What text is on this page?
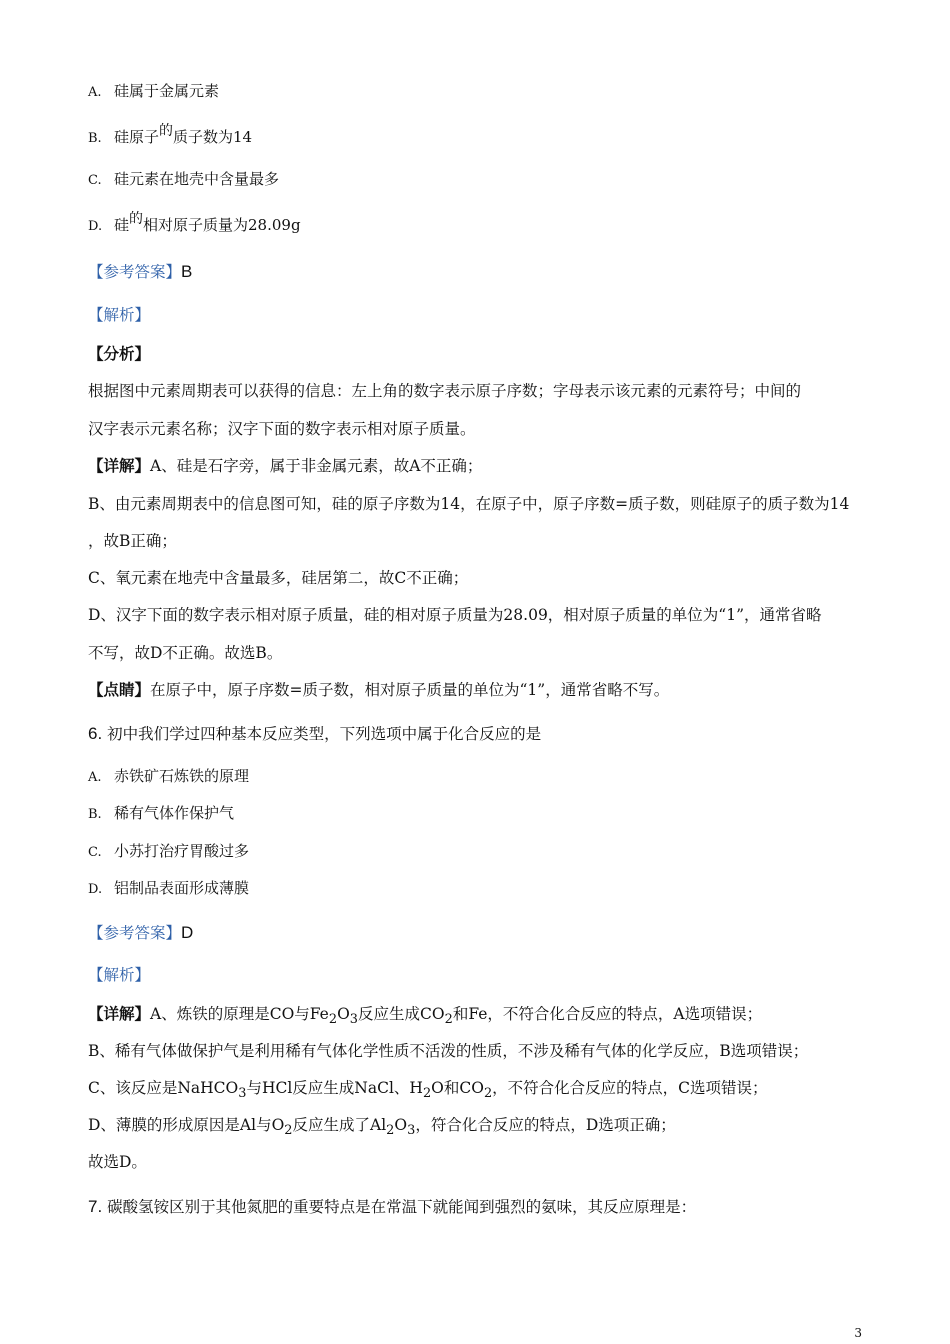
A. 硅属于金属元素
B. 硅原子的质子数为14
C. 硅元素在地壳中含量最多
D. 硅的相对原子质量为28.09g
【参考答案】B
【解析】
【分析】
根据图中元素周期表可以获得的信息：左上角的数字表示原子序数；字母表示该元素的元素符号；中间的
汉字表示元素名称；汉字下面的数字表示相对原子质量。
【详解】A、硅是石字旁，属于非金属元素，故A不正确；
B、由元素周期表中的信息图可知，硅的原子序数为14，在原子中，原子序数=质子数，则硅原子的质子数为14
，故B正确；
C、氧元素在地壳中含量最多，硅居第二，故C不正确；
D、汉字下面的数字表示相对原子质量，硅的相对原子质量为28.09，相对原子质量的单位为“1”，通常省略
不写，故D不正确。故选B。
【点睛】在原子中，原子序数=质子数，相对原子质量的单位为“1”，通常省略不写。
6. 初中我们学过四种基本反应类型，下列选项中属于化合反应的是
A. 赤铁矿石炼铁的原理
B. 稀有气体作保护气
C. 小苏打治疗胃酸过多
D. 铝制品表面形成薄膜
【参考答案】D
【解析】
【详解】A、炼铁的原理是CO与$Fe_2O_3$反应生成$CO_2$和Fe，不符合化合反应的特点，A选项错误；
B、稀有气体做保护气是利用稀有气体化学性质不活泼的性质，不涉及稀有气体的化学反应，B选项错误；
C、该反应是NaHCO$_3$与HCl反应生成NaCl、$H_2O$和$CO_2$，不符合化合反应的特点，C选项错误；
D、薄膜的形成原因是Al与$O_2$反应生成了$Al_2O_3$，符合化合反应的特点，D选项正确；
故选D。
7. 碳酸氢铵区别于其他氮肥的重要特点是在常温下就能闻到强烈的氨味，其反应原理是：
3
